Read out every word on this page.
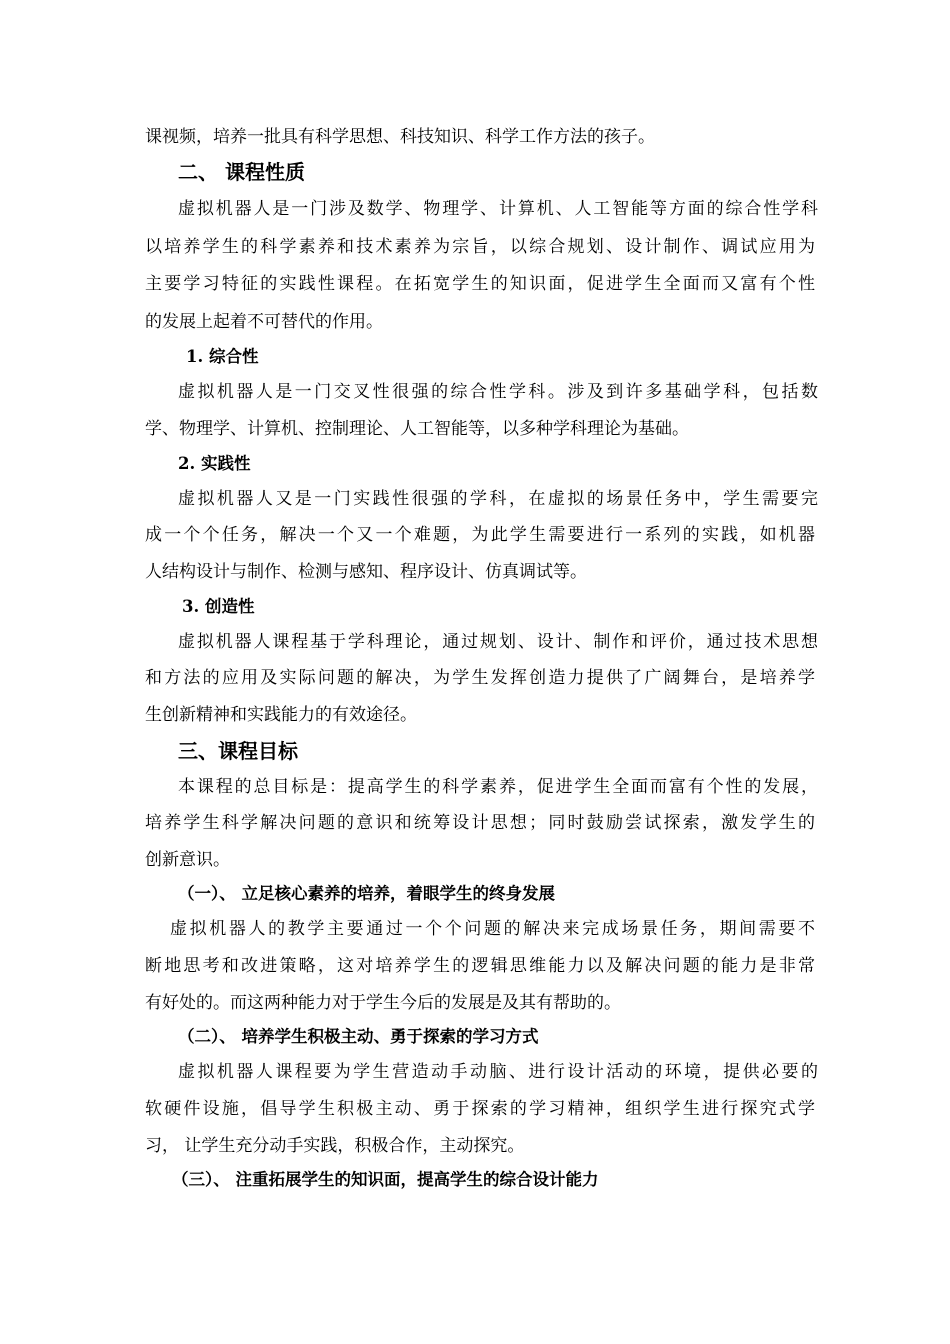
课视频，培养一批具有科学思想、科技知识、科学工作方法的孩子。
二、 课程性质
虚拟机器人是一门涉及数学、物理学、计算机、人工智能等方面的综合性学科
以培养学生的科学素养和技术素养为宗旨，以综合规划、设计制作、调试应用为
主要学习特征的实践性课程。在拓宽学生的知识面，促进学生全面而又富有个性
的发展上起着不可替代的作用。
1. 综合性
虚拟机器人是一门交叉性很强的综合性学科。涉及到许多基础学科，包括数
学、物理学、计算机、控制理论、人工智能等，以多种学科理论为基础。
2. 实践性
虚拟机器人又是一门实践性很强的学科，在虚拟的场景任务中，学生需要完
成一个个任务，解决一个又一个难题，为此学生需要进行一系列的实践，如机器
人结构设计与制作、检测与感知、程序设计、仿真调试等。
3. 创造性
虚拟机器人课程基于学科理论，通过规划、设计、制作和评价，通过技术思想
和方法的应用及实际问题的解决，为学生发挥创造力提供了广阔舞台，是培养学
生创新精神和实践能力的有效途径。
三、课程目标
本课程的总目标是：提高学生的科学素养，促进学生全面而富有个性的发展，
培养学生科学解决问题的意识和统筹设计思想；同时鼓励尝试探索，激发学生的
创新意识。
（一）、 立足核心素养的培养，着眼学生的终身发展
虚拟机器人的教学主要通过一个个问题的解决来完成场景任务，期间需要不
断地思考和改进策略，这对培养学生的逻辑思维能力以及解决问题的能力是非常
有好处的。而这两种能力对于学生今后的发展是及其有帮助的。
（二）、 培养学生积极主动、勇于探索的学习方式
虚拟机器人课程要为学生营造动手动脑、进行设计活动的环境，提供必要的
软硬件设施，倡导学生积极主动、勇于探索的学习精神，组织学生进行探究式学
习， 让学生充分动手实践，积极合作，主动探究。
（三）、 注重拓展学生的知识面，提高学生的综合设计能力
